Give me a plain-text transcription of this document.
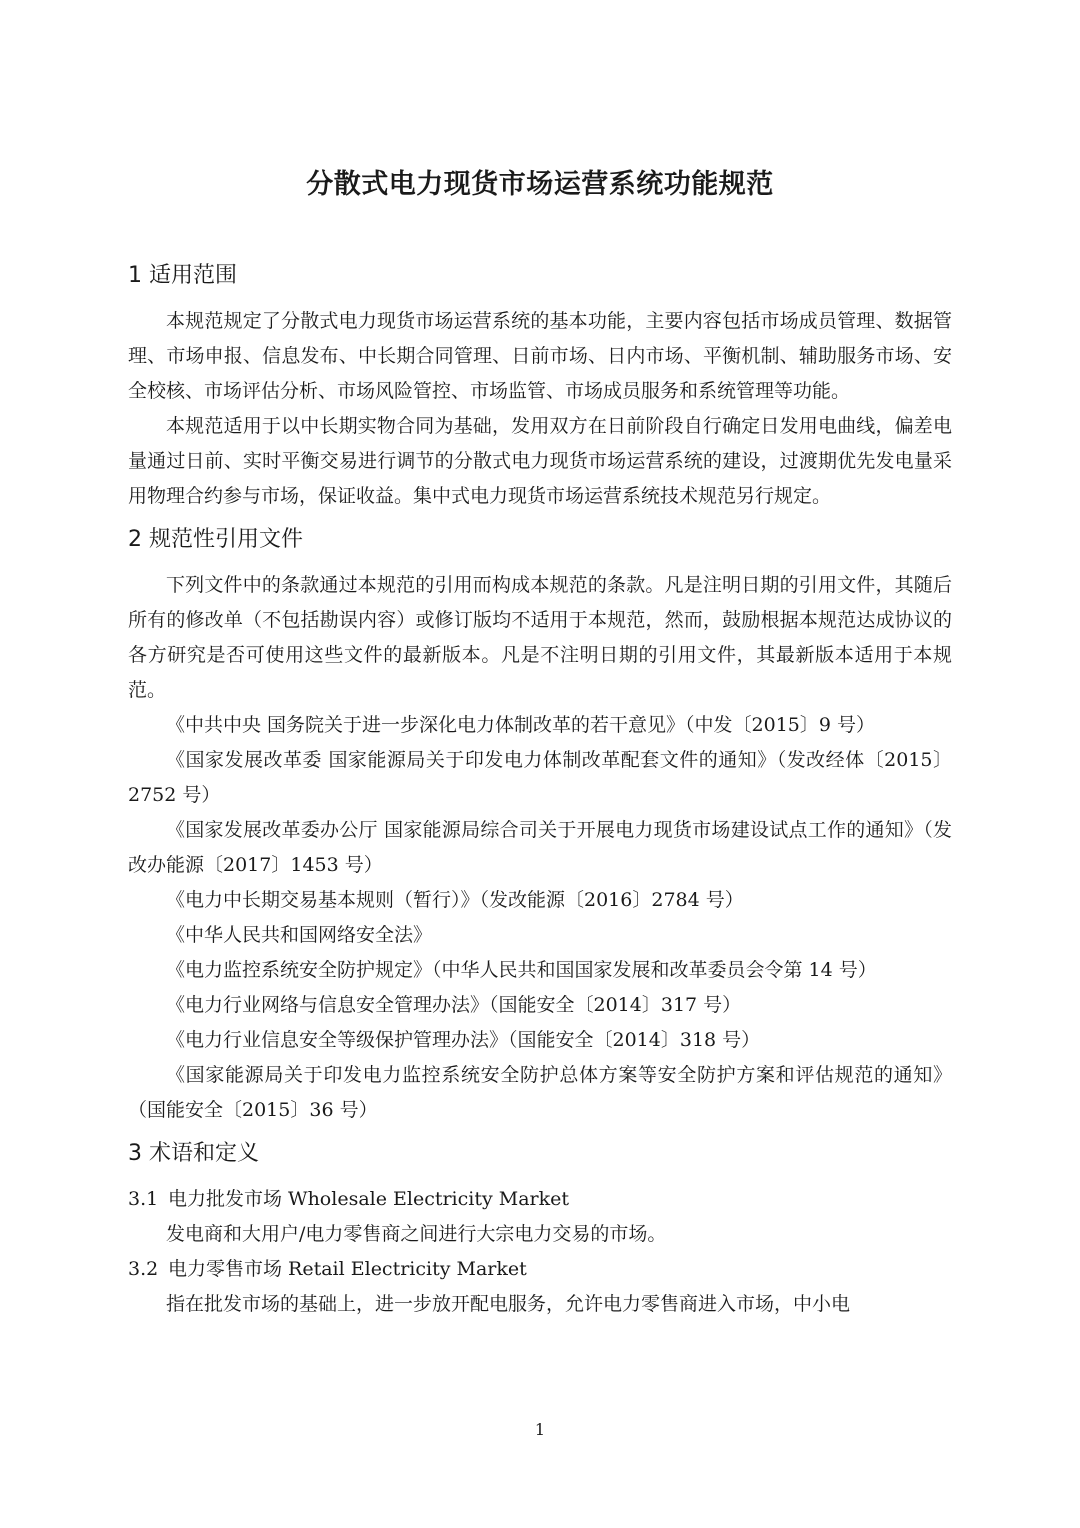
分散式电力现货市场运营系统功能规范
1 适用范围

本规范规定了分散式电力现货市场运营系统的基本功能，主要内容包括市场成员管理、数据管理、市场申报、信息发布、中长期合同管理、日前市场、日内市场、平衡机制、辅助服务市场、安全校核、市场评估分析、市场风险管控、市场监管、市场成员服务和系统管理等功能。

本规范适用于以中长期实物合同为基础，发用双方在日前阶段自行确定日发用电曲线，偏差电量通过日前、实时平衡交易进行调节的分散式电力现货市场运营系统的建设，过渡期优先发电量采用物理合约参与市场，保证收益。集中式电力现货市场运营系统技术规范另行规定。

2 规范性引用文件

下列文件中的条款通过本规范的引用而构成本规范的条款。凡是注明日期的引用文件，其随后所有的修改单（不包括勘误内容）或修订版均不适用于本规范，然而，鼓励根据本规范达成协议的各方研究是否可使用这些文件的最新版本。凡是不注明日期的引用文件，其最新版本适用于本规范。

《中共中央 国务院关于进一步深化电力体制改革的若干意见》（中发〔2015〕9 号）

《国家发展改革委 国家能源局关于印发电力体制改革配套文件的通知》（发改经体〔2015〕2752 号）

《国家发展改革委办公厅 国家能源局综合司关于开展电力现货市场建设试点工作的通知》（发改办能源〔2017〕1453 号）

《电力中长期交易基本规则（暂行）》（发改能源〔2016〕2784 号）

《中华人民共和国网络安全法》

《电力监控系统安全防护规定》（中华人民共和国国家发展和改革委员会令第 14 号）

《电力行业网络与信息安全管理办法》（国能安全〔2014〕317 号）

《电力行业信息安全等级保护管理办法》（国能安全〔2014〕318 号）

《国家能源局关于印发电力监控系统安全防护总体方案等安全防护方案和评估规范的通知》（国能安全〔2015〕36 号）

3 术语和定义

3.1 电力批发市场 Wholesale Electricity Market

发电商和大用户/电力零售商之间进行大宗电力交易的市场。

3.2 电力零售市场 Retail Electricity Market

指在批发市场的基础上，进一步放开配电服务，允许电力零售商进入市场，中小电

1
